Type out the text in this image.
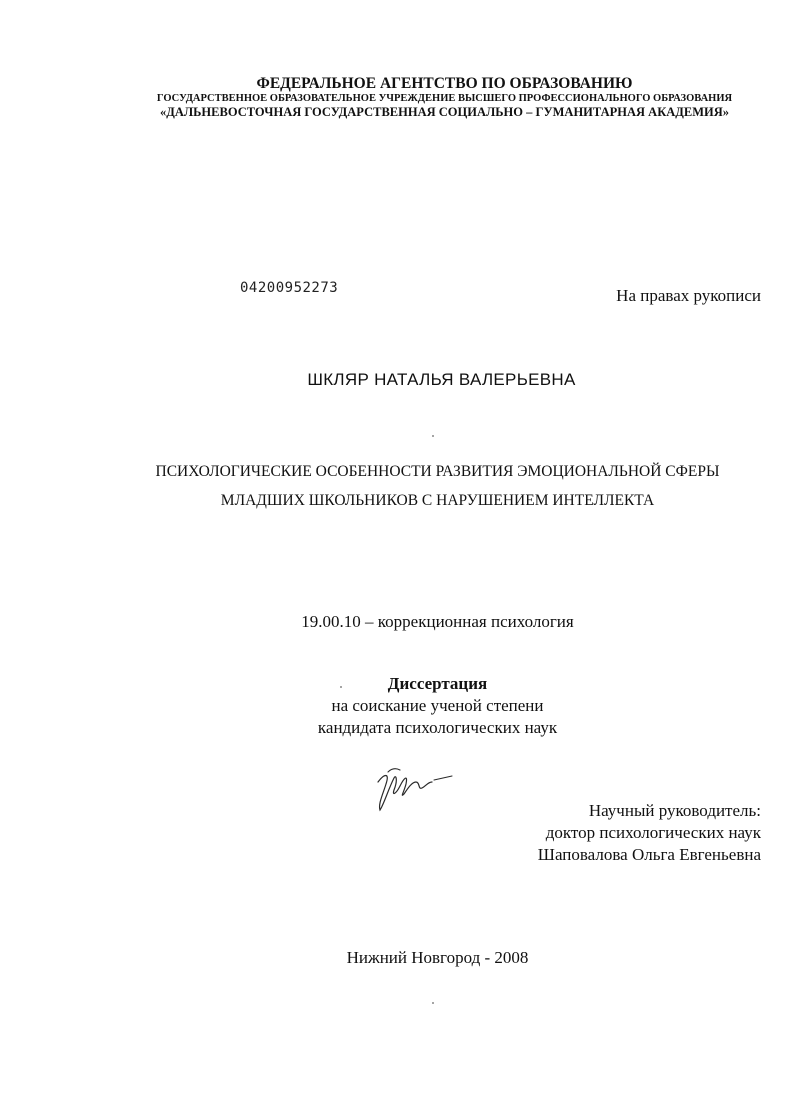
ФЕДЕРАЛЬНОЕ АГЕНТСТВО ПО ОБРАЗОВАНИЮ
ГОСУДАРСТВЕННОЕ ОБРАЗОВАТЕЛЬНОЕ УЧРЕЖДЕНИЕ ВЫСШЕГО ПРОФЕССИОНАЛЬНОГО ОБРАЗОВАНИЯ
«ДАЛЬНЕВОСТОЧНАЯ ГОСУДАРСТВЕННАЯ СОЦИАЛЬНО – ГУМАНИТАРНАЯ АКАДЕМИЯ»
04200952273	На правах рукописи
ШКЛЯР НАТАЛЬЯ ВАЛЕРЬЕВНА
ПСИХОЛОГИЧЕСКИЕ ОСОБЕННОСТИ РАЗВИТИЯ ЭМОЦИОНАЛЬНОЙ СФЕРЫ
МЛАДШИХ ШКОЛЬНИКОВ С НАРУШЕНИЕМ ИНТЕЛЛЕКТА
19.00.10 – коррекционная психология
Диссертация
на соискание ученой степени
кандидата психологических наук
Научный руководитель:
доктор психологических наук
Шаповалова Ольга Евгеньевна
Нижний Новгород - 2008
